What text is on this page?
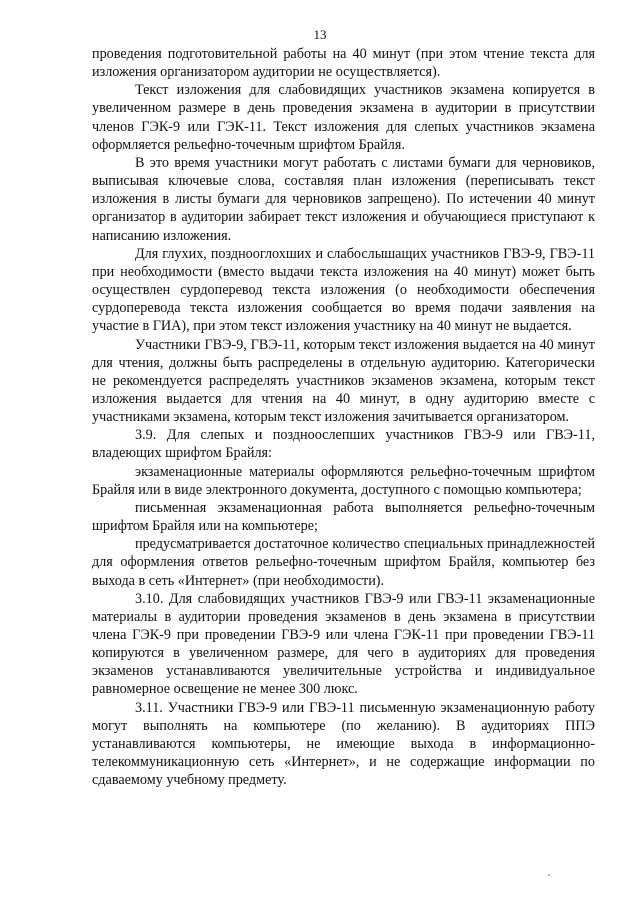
13

проведения подготовительной работы на 40 минут (при этом чтение текста для изложения организатором аудитории не осуществляется).

Текст изложения для слабовидящих участников экзамена копируется в увеличенном размере в день проведения экзамена в аудитории в присутствии членов ГЭК-9 или ГЭК-11. Текст изложения для слепых участников экзамена оформляется рельефно-точечным шрифтом Брайля.

В это время участники могут работать с листами бумаги для черновиков, выписывая ключевые слова, составляя план изложения (переписывать текст изложения в листы бумаги для черновиков запрещено). По истечении 40 минут организатор в аудитории забирает текст изложения и обучающиеся приступают к написанию изложения.

Для глухих, позднооглохших и слабослышащих участников ГВЭ-9, ГВЭ-11 при необходимости (вместо выдачи текста изложения на 40 минут) может быть осуществлен сурдоперевод текста изложения (о необходимости обеспечения сурдоперевода текста изложения сообщается во время подачи заявления на участие в ГИА), при этом текст изложения участнику на 40 минут не выдается.

Участники ГВЭ-9, ГВЭ-11, которым текст изложения выдается на 40 минут для чтения, должны быть распределены в отдельную аудиторию. Категорически не рекомендуется распределять участников экзаменов экзамена, которым текст изложения выдается для чтения на 40 минут, в одну аудиторию вместе с участниками экзамена, которым текст изложения зачитывается организатором.

3.9. Для слепых и поздноослепших участников ГВЭ-9 или ГВЭ-11, владеющих шрифтом Брайля:

экзаменационные материалы оформляются рельефно-точечным шрифтом Брайля или в виде электронного документа, доступного с помощью компьютера;

письменная экзаменационная работа выполняется рельефно-точечным шрифтом Брайля или на компьютере;

предусматривается достаточное количество специальных принадлежностей для оформления ответов рельефно-точечным шрифтом Брайля, компьютер без выхода в сеть «Интернет» (при необходимости).

3.10. Для слабовидящих участников ГВЭ-9 или ГВЭ-11 экзаменационные материалы в аудитории проведения экзаменов в день экзамена в присутствии члена ГЭК-9 при проведении ГВЭ-9 или члена ГЭК-11 при проведении ГВЭ-11 копируются в увеличенном размере, для чего в аудиториях для проведения экзаменов устанавливаются увеличительные устройства и индивидуальное равномерное освещение не менее 300 люкс.

3.11. Участники ГВЭ-9 или ГВЭ-11 письменную экзаменационную работу могут выполнять на компьютере (по желанию). В аудиториях ППЭ устанавливаются компьютеры, не имеющие выхода в информационно-телекоммуникационную сеть «Интернет», и не содержащие информации по сдаваемому учебному предмету.
